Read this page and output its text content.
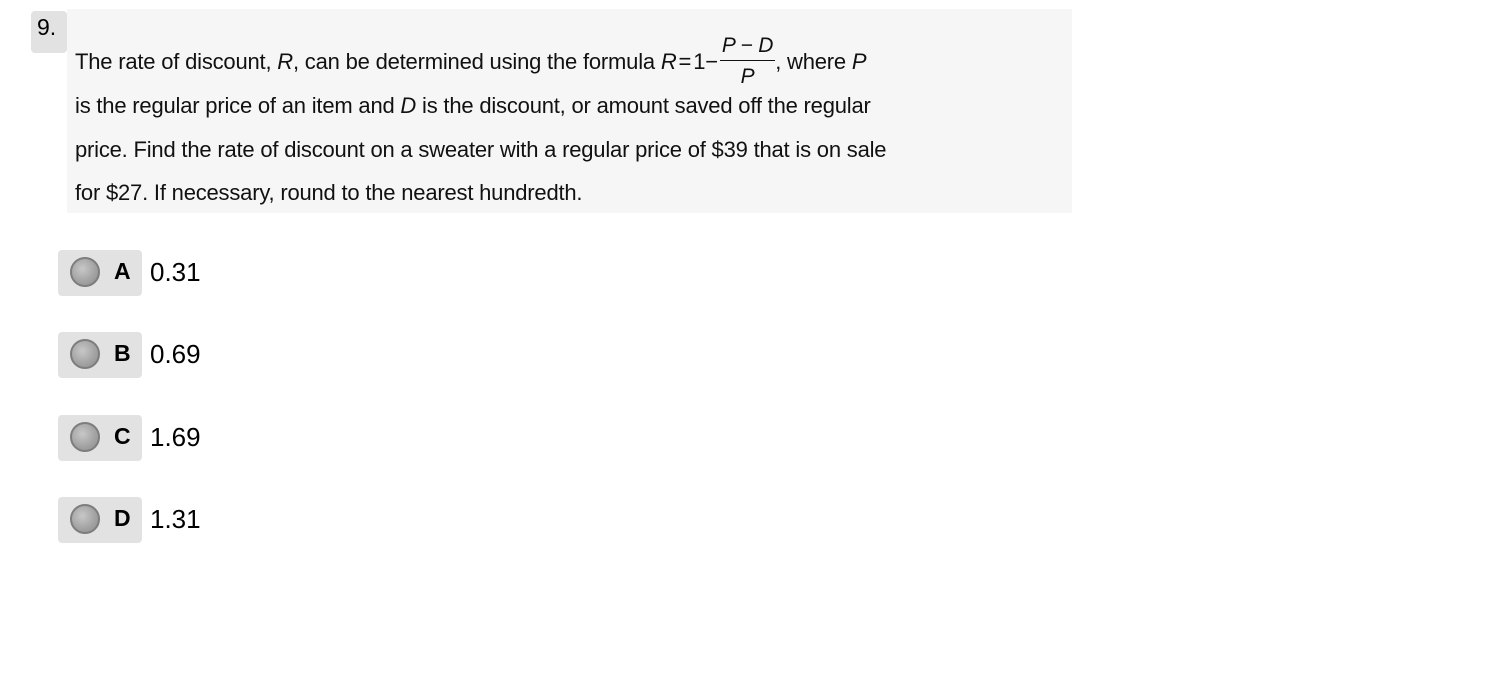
9.
The rate of discount, R, can be determined using the formula $R=1- \frac{P - D}{P}$ , where P
is the regular price of an item and D is the discount, or amount saved off the regular
price. Find the rate of discount on a sweater with a regular price of $39 that is on sale
for $27. If necessary, round to the nearest hundredth.
A 0.31
B 0.69
C 1.69
D 1.31
